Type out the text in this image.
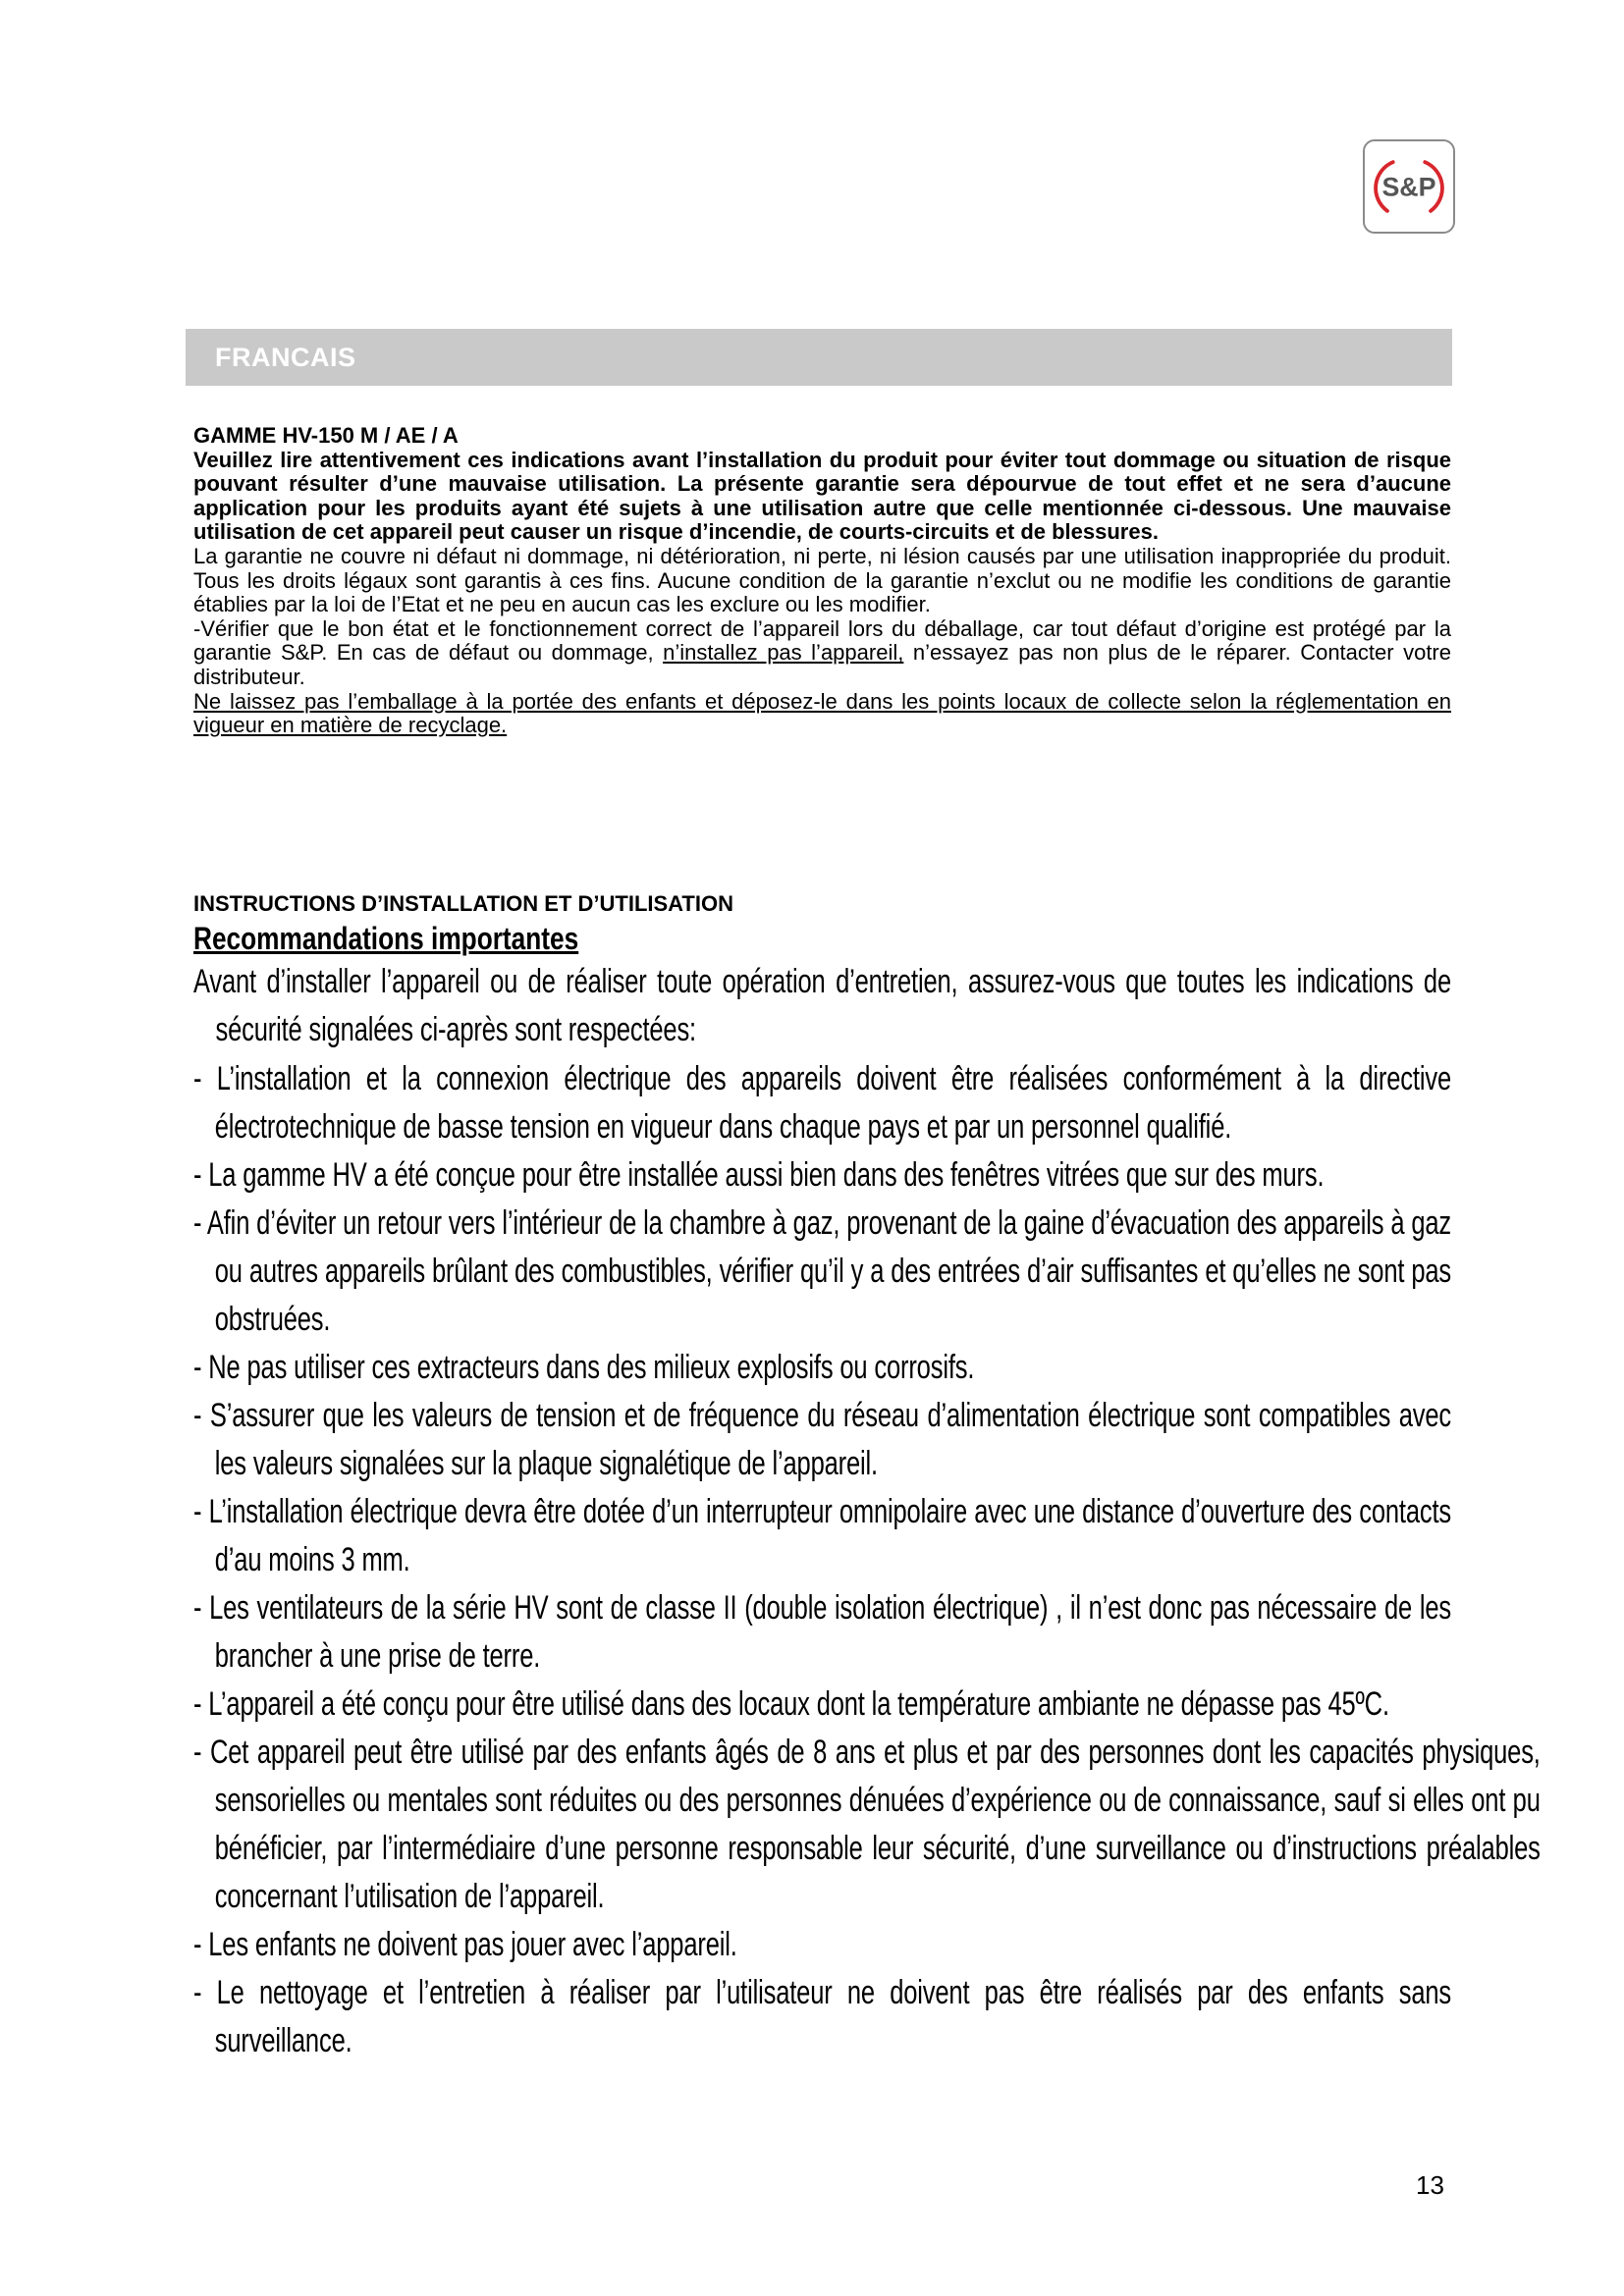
S&P
FRANCAIS

GAMME HV-150 M / AE / A

Veuillez lire attentivement ces indications avant l’installation du produit pour éviter tout dommage ou situation de risque pouvant résulter d’une mauvaise utilisation. La présente garantie sera dépourvue de tout effet et ne sera d’aucune application pour les produits ayant été sujets à une utilisation autre que celle mentionnée ci-dessous. Une mauvaise utilisation de cet appareil peut causer un risque d’incendie, de courts-circuits et de blessures.

La garantie ne couvre ni défaut ni dommage, ni détérioration, ni perte, ni lésion causés par une utilisation inappropriée du produit. Tous les droits légaux sont garantis à ces fins. Aucune condition de la garantie n’exclut ou ne modifie les conditions de garantie établies par la loi de l’Etat et ne peu en aucun cas les exclure ou les modifier.

-Vérifier que le bon état et le fonctionnement correct de l’appareil lors du déballage, car tout défaut d’origine est protégé par la garantie S&P. En cas de défaut ou dommage, n’installez pas l’appareil, n’essayez pas non plus de le réparer. Contacter votre distributeur.

Ne laissez pas l’emballage à la portée des enfants et déposez-le dans les points locaux de collecte selon la réglementation en vigueur en matière de recyclage.

INSTRUCTIONS D’INSTALLATION ET D’UTILISATION
Recommandations importantes

Avant d’installer l’appareil ou de réaliser toute opération d’entretien, assurez-vous que toutes les indications de sécurité signalées ci-après sont respectées:

- L’installation et la connexion électrique des appareils doivent être réalisées conformément à la directive électrotechnique de basse tension en vigueur dans chaque pays et par un personnel qualifié.

- La gamme HV a été conçue pour être installée aussi bien dans des fenêtres vitrées que sur des murs.

- Afin d’éviter un retour vers l’intérieur de la chambre à gaz, provenant de la gaine d’évacuation des appareils à gaz ou autres appareils brûlant des combustibles, vérifier qu’il y a des entrées d’air suffisantes et qu’elles ne sont pas obstruées.

- Ne pas utiliser ces extracteurs dans des milieux explosifs ou corrosifs.

- S’assurer que les valeurs de tension et de fréquence du réseau d’alimentation électrique sont compatibles avec les valeurs signalées sur la plaque signalétique de l’appareil.

- L’installation électrique devra être dotée d’un interrupteur omnipolaire avec une distance d’ouverture des contacts d’au moins 3 mm.

- Les ventilateurs de la série HV sont de classe II (double isolation électrique) , il n’est donc pas nécessaire de les brancher à une prise de terre.

- L’appareil a été conçu pour être utilisé dans des locaux dont la température ambiante ne dépasse pas 45ºC.

- Cet appareil peut être utilisé par des enfants âgés de 8 ans et plus et par des personnes dont les capacités physiques, sensorielles ou mentales sont réduites ou des personnes dénuées d’expérience ou de connaissance, sauf si elles ont pu bénéficier, par l’intermédiaire d’une personne responsable leur sécurité, d’une surveillance ou d’instructions préalables concernant l’utilisation de l’appareil.

- Les enfants ne doivent pas jouer avec l’appareil.

- Le nettoyage et l’entretien à réaliser par l’utilisateur ne doivent pas être réalisés par des enfants sans surveillance.

13
